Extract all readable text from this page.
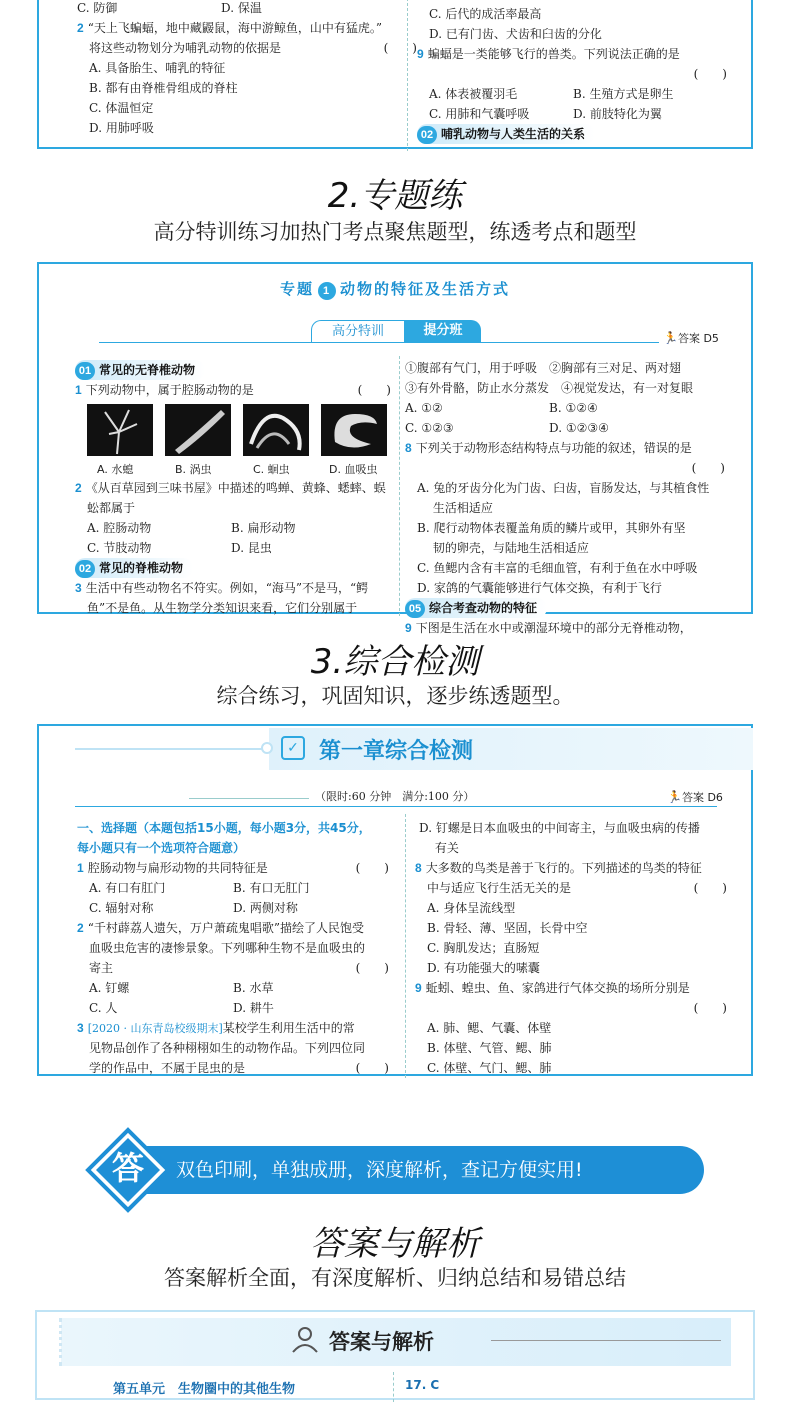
C. 防御	D. 保温
2 “天上飞蝙蝠，地中藏鼹鼠，海中游鲸鱼，山中有猛虎。”
将这些动物划分为哺乳动物的依据是	(　　)
A. 具备胎生、哺乳的特征
B. 都有由脊椎骨组成的脊柱
C. 体温恒定
D. 用肺呼吸
C. 后代的成活率最高
D. 已有门齿、犬齿和臼齿的分化
9 蝙蝠是一类能够飞行的兽类。下列说法正确的是
(　　)
A. 体表被覆羽毛	B. 生殖方式是卵生
C. 用肺和气囊呼吸	D. 前肢特化为翼
02 哺乳动物与人类生活的关系
2.专题练
高分特训练习加热门考点聚焦题型，练透考点和题型
专题 1 动物的特征及生活方式
高分特训	提分班	🏃答案 D5
01 常见的无脊椎动物
1 下列动物中，属于腔肠动物的是	(　　)
A. 水螅	B. 涡虫	C. 蛔虫	D. 血吸虫
2 《从百草园到三味书屋》中描述的鸣蝉、黄蜂、蟋蟀、蜈
蚣都属于
A. 腔肠动物	B. 扁形动物
C. 节肢动物	D. 昆虫
02 常见的脊椎动物
3 生活中有些动物名不符实。例如，“海马”不是马，“鳄
鱼”不是鱼。从生物学分类知识来看，它们分别属于
①腹部有气门，用于呼吸　②胸部有三对足、两对翅
③有外骨骼，防止水分蒸发　④视觉发达，有一对复眼
A. ①②	B. ①②④
C. ①②③	D. ①②③④
8 下列关于动物形态结构特点与功能的叙述，错误的是
(　　)
A. 兔的牙齿分化为门齿、臼齿，盲肠发达，与其植食性
　 生活相适应
B. 爬行动物体表覆盖角质的鳞片或甲，其卵外有坚
　 韧的卵壳，与陆地生活相适应
C. 鱼鳃内含有丰富的毛细血管，有利于鱼在水中呼吸
D. 家鸽的气囊能够进行气体交换，有利于飞行
05 综合考查动物的特征
9 下图是生活在水中或潮湿环境中的部分无脊椎动物，
3.综合检测
综合练习，巩固知识，逐步练透题型。
✓ 第一章综合检测
（限时:60 分钟　满分:100 分）	🏃答案 D6
一、选择题（本题包括15小题，每小题3分，共45分，
每小题只有一个选项符合题意）
1 腔肠动物与扁形动物的共同特征是	(　　)
A. 有口有肛门	B. 有口无肛门
C. 辐射对称	D. 两侧对称
2 “千村薜荔人遗矢，万户萧疏鬼唱歌”描绘了人民饱受
血吸虫危害的凄惨景象。下列哪种生物不是血吸虫的
寄主	(　　)
A. 钉螺	B. 水草
C. 人	D. 耕牛
3 [2020 · 山东青岛校级期末]某校学生利用生活中的常
见物品创作了各种栩栩如生的动物作品。下列四位同
学的作品中，不属于昆虫的是	(　　)
D. 钉螺是日本血吸虫的中间寄主，与血吸虫病的传播
　 有关
8 大多数的鸟类是善于飞行的。下列描述的鸟类的特征
中与适应飞行生活无关的是	(　　)
A. 身体呈流线型
B. 骨轻、薄、坚固，长骨中空
C. 胸肌发达；直肠短
D. 有功能强大的嗉囊
9 蚯蚓、蝗虫、鱼、家鸽进行气体交换的场所分别是
(　　)
A. 肺、鳃、气囊、体壁
B. 体壁、气管、鳃、肺
C. 体壁、气门、鳃、肺
答	双色印刷，单独成册，深度解析，查记方便实用!
答案与解析
答案解析全面，有深度解析、归纳总结和易错总结
答案与解析
第五单元　生物圈中的其他生物	17. C
